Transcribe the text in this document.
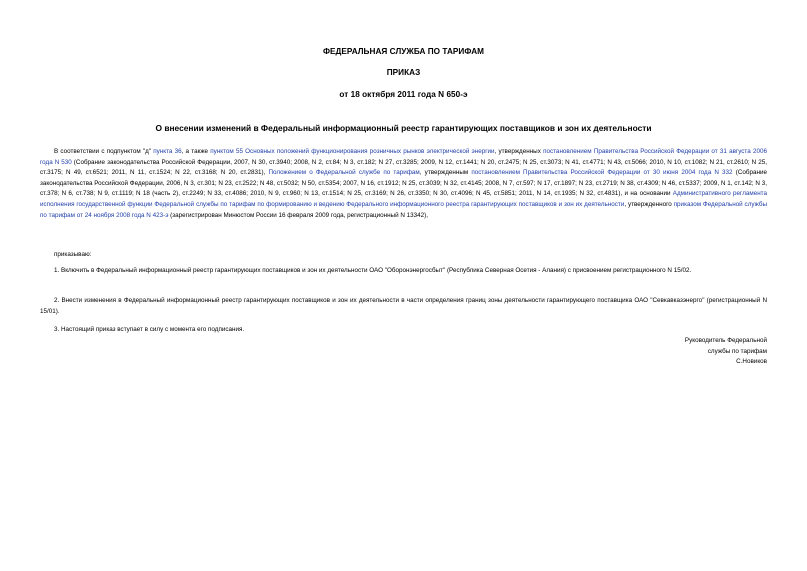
ФЕДЕРАЛЬНАЯ СЛУЖБА ПО ТАРИФАМ
ПРИКАЗ
от 18 октября 2011 года N 650-э
О внесении изменений в Федеральный информационный реестр гарантирующих поставщиков и зон их деятельности
В соответствии с подпунктом "д" пункта 36, а также пунктом 55 Основных положений функционирования розничных рынков электрической энергии, утвержденных постановлением Правительства Российской Федерации от 31 августа 2006 года N 530 (Собрание законодательства Российской Федерации, 2007, N 30, ст.3940; 2008, N 2, ст.84; N 3, ст.182; N 27, ст.3285; 2009, N 12, ст.1441; N 20, ст.2475; N 25, ст.3073; N 41, ст.4771; N 43, ст.5066; 2010, N 10, ст.1082; N 21, ст.2610; N 25, ст.3175; N 49, ст.6521; 2011, N 11, ст.1524; N 22, ст.3168; N 20, ст.2831), Положением о Федеральной службе по тарифам, утвержденным постановлением Правительства Российской Федерации от 30 июня 2004 года N 332 (Собрание законодательства Российской Федерации, 2006, N 3, ст.301; N 23, ст.2522; N 48, ст.5032; N 50, ст.5354; 2007, N 16, ст.1912; N 25, ст.3039; N 32, ст.4145; 2008, N 7, ст.597; N 17, ст.1897; N 23, ст.2719; N 38, ст.4309; N 46, ст.5337; 2009, N 1, ст.142; N 3, ст.378; N 6, ст.738; N 9, ст.1119; N 18 (часть 2), ст.2249; N 33, ст.4086; 2010, N 9, ст.960; N 13, ст.1514; N 25, ст.3169; N 26, ст.3350; N 30, ст.4096; N 45, ст.5851; 2011, N 14, ст.1935; N 32, ст.4831), и на основании Административного регламента исполнения государственной функции Федеральной службы по тарифам по формированию и ведению Федерального информационного реестра гарантирующих поставщиков и зон их деятельности, утвержденного приказом Федеральной службы по тарифам от 24 ноября 2008 года N 423-э (зарегистрирован Минюстом России 16 февраля 2009 года, регистрационный N 13342),
приказываю:
1. Включить в Федеральный информационный реестр гарантирующих поставщиков и зон их деятельности ОАО "Оборонэнергосбыт" (Республика Северная Осетия - Алания) с присвоением регистрационного N 15/02.
2. Внести изменения в Федеральный информационный реестр гарантирующих поставщиков и зон их деятельности в части определения границ зоны деятельности гарантирующего поставщика ОАО "Севкавказэнерго" (регистрационный N 15/01).
3. Настоящий приказ вступает в силу с момента его подписания.
Руководитель Федеральной
службы по тарифам
С.Новиков
